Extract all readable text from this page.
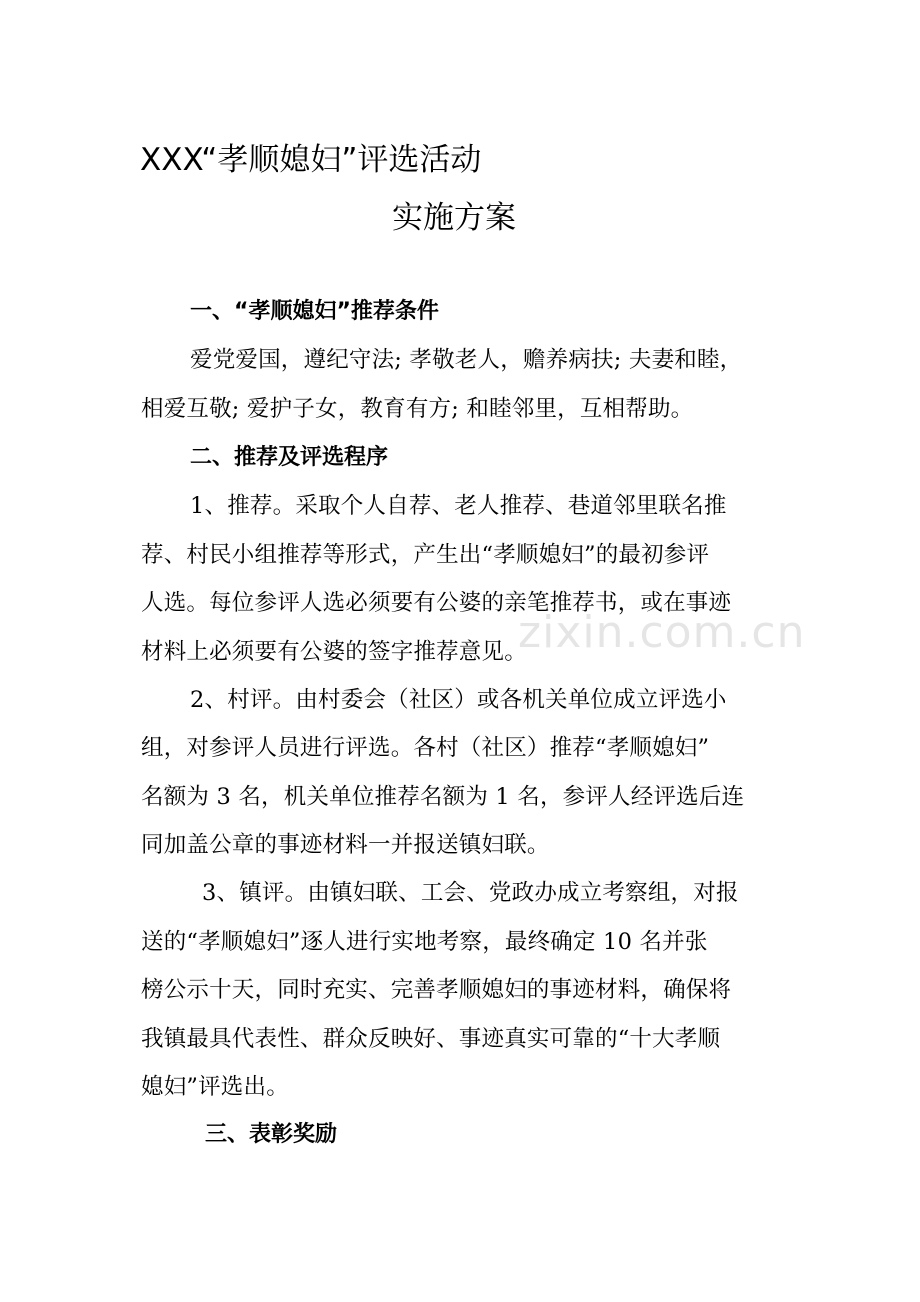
XXX“孝顺媳妇”评选活动
实施方案
一、“孝顺媳妇”推荐条件
爱党爱国，遵纪守法; 孝敬老人，赡养病扶; 夫妻和睦，
相爱互敬; 爱护子女，教育有方; 和睦邻里，互相帮助。
二、推荐及评选程序
1、推荐。采取个人自荐、老人推荐、巷道邻里联名推
荐、村民小组推荐等形式，产生出“孝顺媳妇”的最初参评
人选。每位参评人选必须要有公婆的亲笔推荐书，或在事迹
材料上必须要有公婆的签字推荐意见。
2、村评。由村委会（社区）或各机关单位成立评选小
组，对参评人员进行评选。各村（社区）推荐“孝顺媳妇”
名额为 3 名，机关单位推荐名额为 1 名，参评人经评选后连
同加盖公章的事迹材料一并报送镇妇联。
3、镇评。由镇妇联、工会、党政办成立考察组，对报
送的“孝顺媳妇”逐人进行实地考察，最终确定 10 名并张
榜公示十天，同时充实、完善孝顺媳妇的事迹材料，确保将
我镇最具代表性、群众反映好、事迹真实可靠的“十大孝顺
媳妇”评选出。
三、表彰奖励
zixin.com.cn
